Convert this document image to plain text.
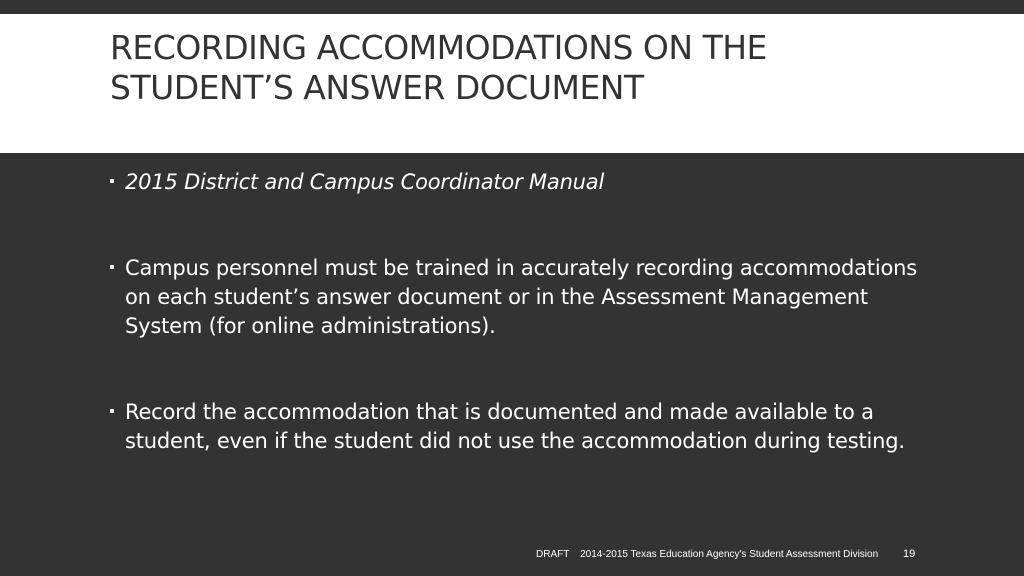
RECORDING ACCOMMODATIONS ON THE
STUDENT’S ANSWER DOCUMENT
2015 District and Campus Coordinator Manual
Campus personnel must be trained in accurately recording accommodations on each student’s answer document or in the Assessment Management System (for online administrations).
Record the accommodation that is documented and made available to a student, even if the student did not use the accommodation during testing.
DRAFT 2014-2015 Texas Education Agency's Student Assessment Division 19
